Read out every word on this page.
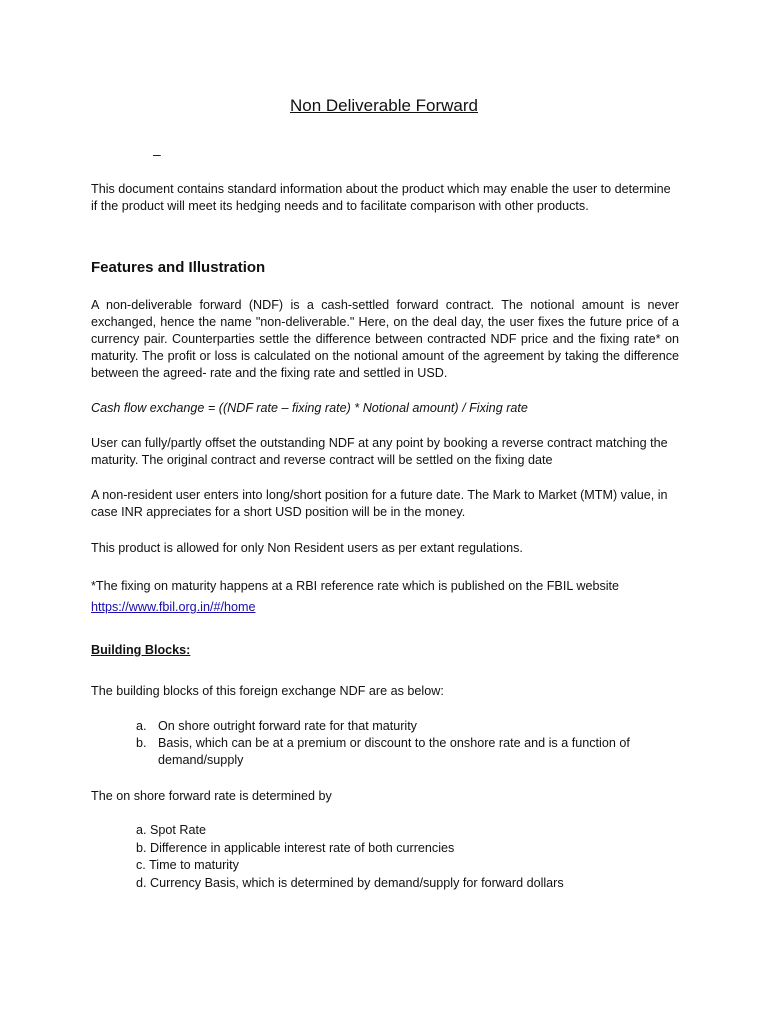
Non Deliverable Forward
–
This document contains standard information about the product which may enable the user to determine if the product will meet its hedging needs and to facilitate comparison with other products.
Features and Illustration
A non-deliverable forward (NDF) is a cash-settled forward contract. The notional amount is never exchanged, hence the name "non-deliverable." Here, on the deal day, the user fixes the future price of a currency pair. Counterparties settle the difference between contracted NDF price and the fixing rate* on maturity. The profit or loss is calculated on the notional amount of the agreement by taking the difference between the agreed- rate and the fixing rate and settled in USD.
Cash flow exchange = ((NDF rate – fixing rate) * Notional amount) / Fixing rate
User can fully/partly offset the outstanding NDF at any point by booking a reverse contract matching the maturity. The original contract and reverse contract will be settled on the fixing date
A non-resident user enters into long/short position for a future date. The Mark to Market (MTM) value, in case INR appreciates for a short USD position will be in the money.
This product is allowed for only Non Resident users as per extant regulations.
*The fixing on maturity happens at a RBI reference rate which is published on the FBIL website
https://www.fbil.org.in/#/home
Building Blocks:
The building blocks of this foreign exchange NDF are as below:
a. On shore outright forward rate for that maturity
b. Basis, which can be at a premium or discount to the onshore rate and is a function of demand/supply
The on shore forward rate is determined by
a. Spot Rate
b. Difference in applicable interest rate of both currencies
c. Time to maturity
d. Currency Basis, which is determined by demand/supply for forward dollars
